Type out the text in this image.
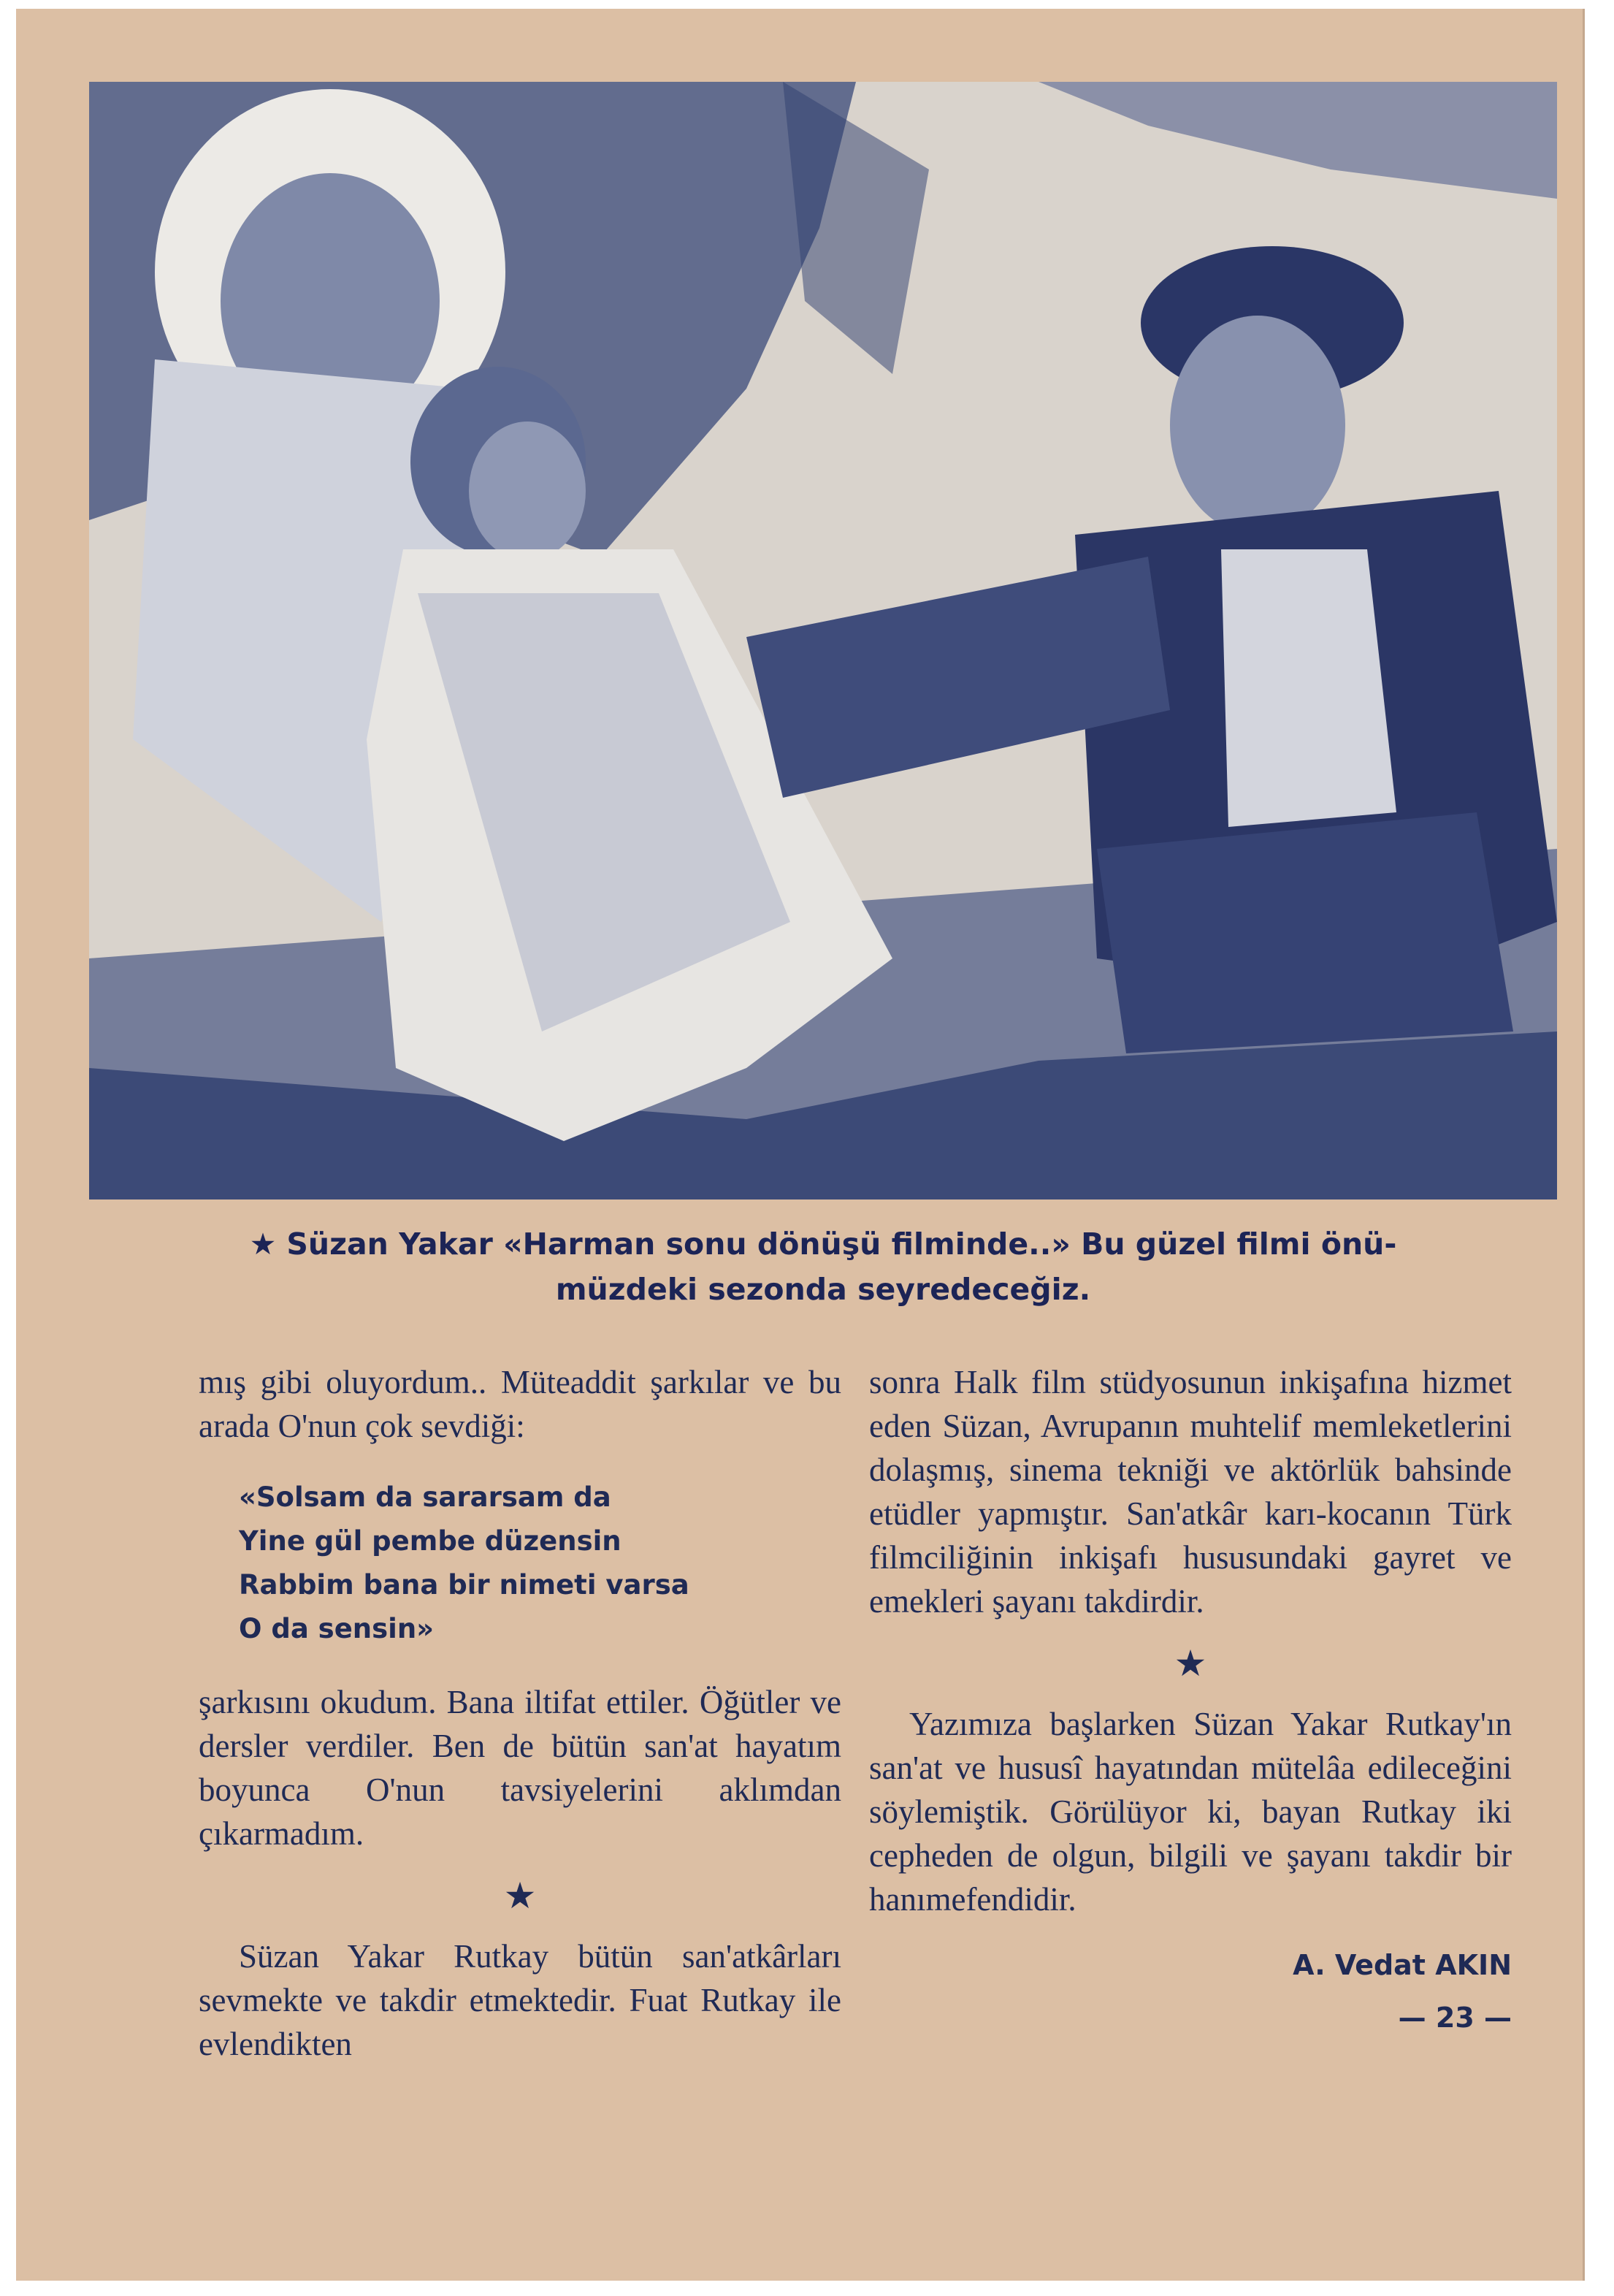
★ Süzan Yakar «Harman sonu dönüşü filminde..» Bu güzel filmi önü-
müzdeki sezonda seyredeceğiz.

mış gibi oluyordum.. Müteaddit şarkılar ve bu arada O'nun çok sevdiği:

«Solsam da sararsam da
Yine gül pembe düzensin
Rabbim bana bir nimeti varsa
O da sensin»

şarkısını okudum. Bana iltifat ettiler. Öğütler ve dersler verdiler. Ben de bütün san'at hayatım boyunca O'nun tavsiyelerini aklımdan çıkarmadım.

★

Süzan Yakar Rutkay bütün san'atkârları sevmekte ve takdir etmektedir. Fuat Rutkay ile evlendikten

sonra Halk film stüdyosunun inkişafına hizmet eden Süzan, Avrupanın muhtelif memleketlerini dolaşmış, sinema tekniği ve aktörlük bahsinde etüdler yapmıştır. San'atkâr karı-kocanın Türk filmciliğinin inkişafı hususundaki gayret ve emekleri şayanı takdirdir.

★

Yazımıza başlarken Süzan Yakar Rutkay'ın san'at ve hususî hayatından mütelâa edileceğini söylemiştik. Görülüyor ki, bayan Rutkay iki cepheden de olgun, bilgili ve şayanı takdir bir hanımefendidir.

A. Vedat AKIN
— 23 —
